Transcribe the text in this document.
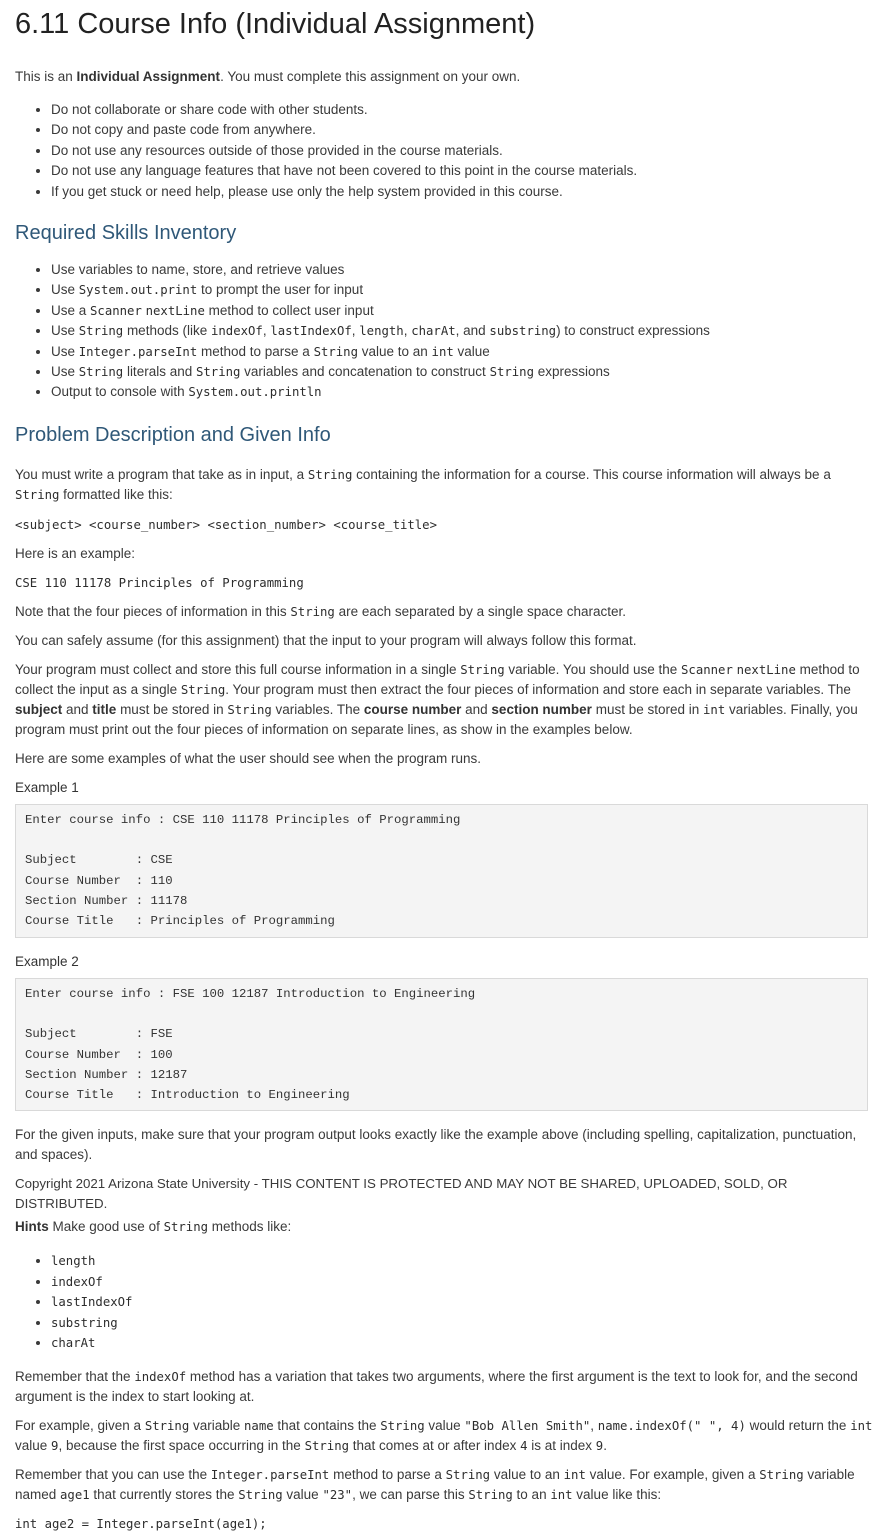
6.11 Course Info (Individual Assignment)

This is an Individual Assignment. You must complete this assignment on your own.

• Do not collaborate or share code with other students.
• Do not copy and paste code from anywhere.
• Do not use any resources outside of those provided in the course materials.
• Do not use any language features that have not been covered to this point in the course materials.
• If you get stuck or need help, please use only the help system provided in this course.
Required Skills Inventory
• Use variables to name, store, and retrieve values
• Use System.out.print to prompt the user for input
• Use a Scanner nextLine method to collect user input
• Use String methods (like indexOf, lastIndexOf, length, charAt, and substring) to construct expressions
• Use Integer.parseInt method to parse a String value to an int value
• Use String literals and String variables and concatenation to construct String expressions
• Output to console with System.out.println
Problem Description and Given Info

You must write a program that take as in input, a String containing the information for a course. This course information will always be a String formatted like this:

<subject> <course_number> <section_number> <course_title>

Here is an example:

CSE 110 11178 Principles of Programming

Note that the four pieces of information in this String are each separated by a single space character.

You can safely assume (for this assignment) that the input to your program will always follow this format.

Your program must collect and store this full course information in a single String variable. You should use the Scanner nextLine method to collect the input as a single String. Your program must then extract the four pieces of information and store each in separate variables. The subject and title must be stored in String variables. The course number and section number must be stored in int variables. Finally, you program must print out the four pieces of information on separate lines, as show in the examples below.

Here are some examples of what the user should see when the program runs.

Example 1

Enter course info : CSE 110 11178 Principles of Programming

Subject        : CSE
Course Number  : 110
Section Number : 11178
Course Title   : Principles of Programming

Example 2

Enter course info : FSE 100 12187 Introduction to Engineering

Subject        : FSE
Course Number  : 100
Section Number : 12187
Course Title   : Introduction to Engineering

For the given inputs, make sure that your program output looks exactly like the example above (including spelling, capitalization, punctuation, and spaces).

Copyright 2021 Arizona State University - THIS CONTENT IS PROTECTED AND MAY NOT BE SHARED, UPLOADED, SOLD, OR DISTRIBUTED.

Hints Make good use of String methods like:

• length
• indexOf
• lastIndexOf
• substring
• charAt

Remember that the indexOf method has a variation that takes two arguments, where the first argument is the text to look for, and the second argument is the index to start looking at.

For example, given a String variable name that contains the String value "Bob Allen Smith", name.indexOf(" ", 4) would return the int value 9, because the first space occurring in the String that comes at or after index 4 is at index 9.

Remember that you can use the Integer.parseInt method to parse a String value to an int value. For example, given a String variable named age1 that currently stores the String value "23", we can parse this String to an int value like this:

int age2 = Integer.parseInt(age1);
